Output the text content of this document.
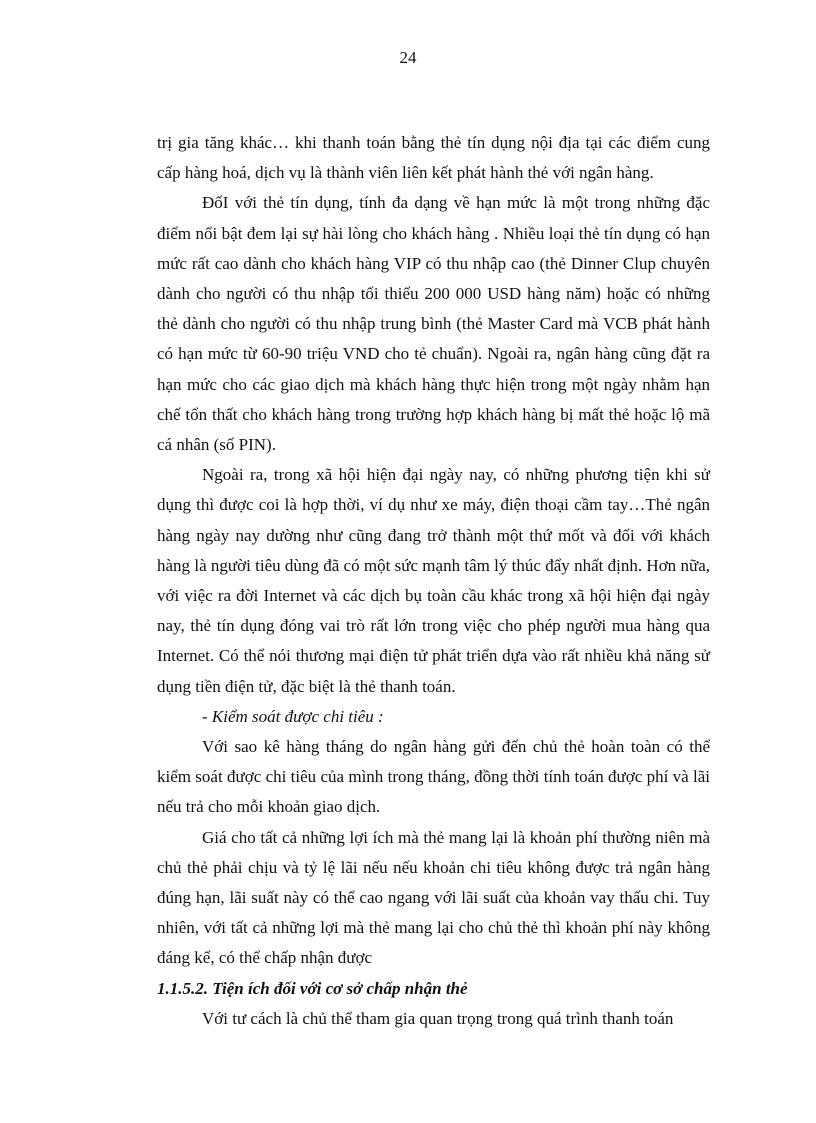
24

trị gia tăng khác… khi thanh toán bằng thẻ tín dụng nội địa tại các điểm cung cấp hàng hoá, dịch vụ là thành viên liên kết phát hành thẻ với ngân hàng.

ĐốI với thẻ tín dụng, tính đa dạng về hạn mức là một trong những đặc điểm nổi bật đem lại sự hài lòng cho khách hàng . Nhiều loại thẻ tín dụng có hạn mức rất cao dành cho khách hàng VIP có thu nhập cao (thẻ Dinner Clup chuyên dành cho người có thu nhập tối thiểu 200 000 USD hàng năm) hoặc có những thẻ dành cho người có thu nhập trung bình (thẻ Master Card mà VCB phát hành có hạn mức từ 60-90 triệu VND cho tẻ chuẩn). Ngoài ra, ngân hàng cũng đặt ra hạn mức cho các giao dịch mà khách hàng thực hiện trong một ngày nhằm hạn chế tổn thất cho khách hàng trong trường hợp khách hàng bị mất thẻ hoặc lộ mã cá nhân (số PIN).

Ngoài ra, trong xã hội hiện đại ngày nay, có những phương tiện khi sử dụng thì được coi là hợp thời, ví dụ như xe máy, điện thoại cầm tay…Thẻ ngân hàng ngày nay dường như cũng đang trở thành một thứ mốt và đối với khách hàng là người tiêu dùng đã có một sức mạnh tâm lý thúc đẩy nhất định. Hơn nữa, với việc ra đời Internet và các dịch bụ toàn cầu khác trong xã hội hiện đại ngày nay, thẻ tín dụng đóng vai trò rất lớn trong việc cho phép người mua hàng qua Internet. Có thể nói thương mại điện tử phát triển dựa vào rất nhiều khả năng sử dụng tiền điện tử, đặc biệt là thẻ thanh toán.

- Kiểm soát được chi tiêu :

Với sao kê hàng tháng do ngân hàng gửi đến chủ thẻ hoàn toàn có thể kiểm soát được chi tiêu của mình trong tháng, đồng thời tính toán được phí và lãi nếu trả cho mỗi khoản giao dịch.

Giá cho tất cả những lợi ích mà thẻ mang lại là khoản phí thường niên mà chủ thẻ phải chịu và tỷ lệ lãi nếu nếu khoản chi tiêu không được trả ngân hàng đúng hạn, lãi suất này có thể cao ngang với lãi suất của khoản vay thấu chi. Tuy nhiên, với tất cả những lợi mà thẻ mang lại cho chủ thẻ thì khoản phí này không đáng kể, có thể chấp nhận được

1.1.5.2. Tiện ích đối với cơ sở chấp nhận thẻ

Với tư cách là chủ thể tham gia quan trọng trong quá trình thanh toán
